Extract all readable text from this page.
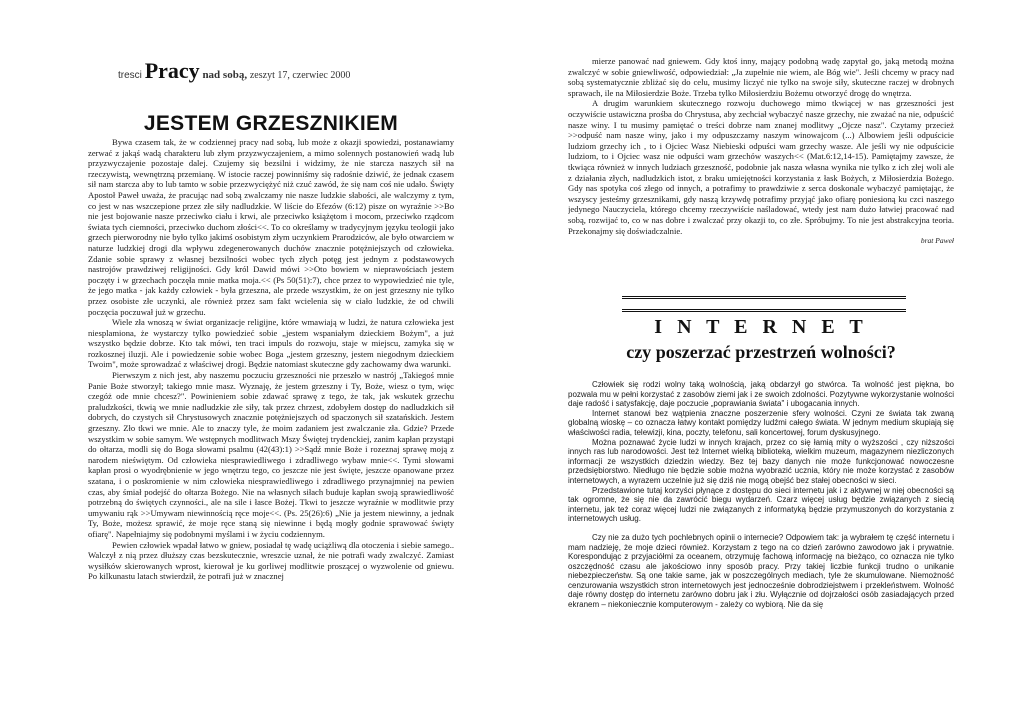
tresci Pracy nad sobą, zeszyt 17, czerwiec 2000
JESTEM GRZESZNIKIEM

Bywa czasem tak, że w codziennej pracy nad sobą, lub może z okazji spowiedzi, postanawiamy zerwać z jakąś wadą charakteru lub złym przyzwyczajeniem, a mimo solennych postanowień wadą lub przyzwyczajenie pozostaje dalej. Czujemy się bezsilni i widzimy, że nie starcza naszych sił na rzeczywistą, wewnętrzną przemianę. W istocie raczej powinniśmy się radośnie dziwić, że jednak czasem sił nam starcza aby to lub tamto w sobie przezwyciężyć niż czuć zawód, że się nam coś nie udało. Święty Apostoł Paweł uważa, że pracując nad sobą zwalczamy nie nasze ludzkie słabości, ale walczymy z tym, co jest w nas wszczepione przez złe siły nadludzkie. W liście do Efezów (6:12) pisze on wyraźnie >>Bo nie jest bojowanie nasze przeciwko ciału i krwi, ale przeciwko książętom i mocom, przeciwko rządcom świata tych ciemności, przeciwko duchom złości<<. To co określamy w tradycyjnym języku teologii jako grzech pierworodny nie było tylko jakimś osobistym złym uczynkiem Prarodziców, ale było otwarciem w naturze ludzkiej drogi dla wpływu zdegenerowanych duchów znacznie potężniejszych od człowieka. Zdanie sobie sprawy z własnej bezsilności wobec tych złych potęg jest jednym z podstawowych nastrojów prawdziwej religijności. Gdy król Dawid mówi >>Oto bowiem w nieprawościach jestem poczęty i w grzechach poczęła mnie matka moja.<< (Ps 50(51):7), chce przez to wypowiedzieć nie tyle, że jego matka - jak każdy człowiek - była grzeszna, ale przede wszystkim, że on jest grzeszny nie tylko przez osobiste złe uczynki, ale również przez sam fakt wcielenia się w ciało ludzkie, że od chwili poczęcia poczuwał już w grzechu.

Wiele zła wnoszą w świat organizacje religijne, które wmawiają w ludzi, że natura człowieka jest niesplamiona, że wystarczy tylko powiedzieć sobie „jestem wspaniałym dzieckiem Bożym", a już wszystko będzie dobrze. Kto tak mówi, ten traci impuls do rozwoju, staje w miejscu, zamyka się w rozkosznej iluzji. Ale i powiedzenie sobie wobec Boga „jestem grzeszny, jestem niegodnym dzieckiem Twoim", może sprowadzać z właściwej drogi. Będzie natomiast skuteczne gdy zachowamy dwa warunki.

Pierwszym z nich jest, aby naszemu poczuciu grzeszności nie przeszło w nastrój „Takiegoś mnie Panie Boże stworzył; takiego mnie masz. Wyznaję, że jestem grzeszny i Ty, Boże, wiesz o tym, więc czegóż ode mnie chcesz?". Powinieniem sobie zdawać sprawę z tego, że tak, jak wskutek grzechu praludzkości, tkwią we mnie nadludzkie złe siły, tak przez chrzest, zdobyłem dostęp do nadludzkich sił dobrych, do czystych sił Chrystusowych znacznie potężniejszych od spaczonych sił szatańskich. Jestem grzeszny. Zło tkwi we mnie. Ale to znaczy tyle, że moim zadaniem jest zwalczanie zła. Gdzie? Przede wszystkim w sobie samym. We wstępnych modlitwach Mszy Świętej trydenckiej, zanim kapłan przystąpi do ołtarza, modli się do Boga słowami psalmu (42(43):1) >>Sądź mnie Boże i rozeznaj sprawę moją z narodem nieświętym. Od człowieka niesprawiedliwego i zdradliwego wybaw mnie<<. Tymi słowami kapłan prosi o wyodrębnienie w jego wnętrzu tego, co jeszcze nie jest święte, jeszcze opanowane przez szatana, i o poskromienie w nim człowieka niesprawiedliwego i zdradliwego przynajmniej na pewien czas, aby śmiał podejść do ołtarza Bożego. Nie na własnych siłach buduje kapłan swoją sprawiedliwość potrzebną do świętych czynności., ale na sile i łasce Bożej. Tkwi to jeszcze wyraźnie w modlitwie przy umywaniu rąk >>Umywam niewinnością ręce moje<<. (Ps. 25(26):6) „Nie ja jestem niewinny, a jednak Ty, Boże, możesz sprawić, że moje ręce staną się niewinne i będą mogły godnie sprawować święty ofiarę". Napełniajmy się podobnymi myślami i w życiu codziennym.

Pewien człowiek wpadał łatwo w gniew, posiadał tę wadę uciążliwą dla otoczenia i siebie samego.. Walczył z nią przez dłuższy czas bezskutecznie, wreszcie uznał, że nie potrafi wady zwalczyć. Zamiast wysiłków skierowanych wprost, kierował je ku gorliwej modlitwie proszącej o wyzwolenie od gniewu. Po kilkunastu latach stwierdził, że potrafi już w znacznej

mierze panować nad gniewem. Gdy ktoś inny, mający podobną wadę zapytał go, jaką metodą można zwalczyć w sobie gniewliwość, odpowiedział: „Ja zupełnie nie wiem, ale Bóg wie". Jeśli chcemy w pracy nad sobą systematycznie zbliżać się do celu, musimy liczyć nie tylko na swoje siły, skuteczne raczej w drobnych sprawach, ile na Miłosierdzie Boże. Trzeba tylko Miłosierdziu Bożemu otworzyć drogę do wnętrza.

A drugim warunkiem skutecznego rozwoju duchowego mimo tkwiącej w nas grzeszności jest oczywiście ustawiczna prośba do Chrystusa, aby zechciał wybaczyć nasze grzechy, nie zważać na nie, odpuścić nasze winy. I tu musimy pamiętać o treści dobrze nam znanej modlitwy „Ojcze nasz". Czytamy przecież >>odpuść nam nasze winy, jako i my odpuszczamy naszym winowajcom (...) Albowiem jeśli odpuścicie ludziom grzechy ich , to i Ojciec Wasz Niebieski odpuści wam grzechy wasze. Ale jeśli wy nie odpuścicie ludziom, to i Ojciec wasz nie odpuści wam grzechów waszych<< (Mat.6:12,14-15). Pamiętajmy zawsze, że tkwiąca również w innych ludziach grzeszność, podobnie jak nasza własna wynika nie tylko z ich złej woli ale z działania złych, nadludzkich istot, z braku umiejętności korzystania z łask Bożych, z Miłosierdzia Bożego. Gdy nas spotyka coś złego od innych, a potrafimy to prawdziwie z serca doskonale wybaczyć pamiętając, że wszyscy jesteśmy grzesznikami, gdy naszą krzywdę potrafimy przyjąć jako ofiarę poniesioną ku czci naszego jedynego Nauczyciela, którego chcemy rzeczywiście naśladować, wtedy jest nam dużo łatwiej pracować nad sobą, rozwijać to, co w nas dobre i zwalczać przy okazji to, co złe. Spróbujmy. To nie jest abstrakcyjna teoria. Przekonajmy się doświadczalnie.

brat Paweł

I N T E R N E T
czy poszerzać przestrzeń wolności?

Człowiek się rodzi wolny taką wolnością, jaką obdarzył go stwórca. Ta wolność jest piękna, bo pozwala mu w pełni korzystać z zasobów ziemi jak i ze swoich zdolności. Pozytywne wykorzystanie wolności daje radość i satysfakcję, daje poczucie „poprawiania świata" i ubogacania innych.

Internet stanowi bez wątpienia znaczne poszerzenie sfery wolności. Czyni ze świata tak zwaną globalną wioskę – co oznacza łatwy kontakt pomiędzy ludźmi całego świata. W jednym medium skupiają się właściwości radia, telewizji, kina, poczty, telefonu, sali koncertowej, forum dyskusyjnego.

Można poznawać życie ludzi w innych krajach, przez co się łamią mity o wyższości , czy niższości innych ras lub narodowości. Jest też Internet wielką biblioteką, wielkim muzeum, magazynem niezliczonych informacji ze wszystkich dziedzin wiedzy. Bez tej bazy danych nie może funkcjonować nowoczesne przedsiębiorstwo. Niedługo nie będzie sobie można wyobrazić ucznia, który nie może korzystać z zasobów internetowych, a wyrazem uczelnie już się dziś nie mogą obejść bez stałej obecności w sieci.

Przedstawione tutaj korzyści płynące z dostępu do sieci internetu jak i z aktywnej w niej obecności są tak ogromne, że się nie da zawrócić biegu wydarzeń. Czarz więcej usług będzie związanych z siecią internetu, jak też coraz więcej ludzi nie związanych z informatyką będzie przymuszonych do korzystania z internetowych usług.

Czy nie za dużo tych pochlebnych opinii o internecie? Odpowiem tak: ja wybrałem tę część internetu i mam nadzieję, że moje dzieci również. Korzystam z tego na co dzień zarówno zawodowo jak i prywatnie. Korespondując z przyjaciółmi za oceanem, otrzymuję fachową informację na bieżąco, co oznacza nie tylko oszczędność czasu ale jakościowo inny sposób pracy. Przy takiej liczbie funkcji trudno o unikanie niebezpieczeństw. Są one takie same, jak w poszczególnych mediach, tyle że skumulowane. Niemożność cenzurowania wszystkich stron internetowych jest jednocześnie dobrodziejstwem i przekleństwem. Wolność daje równy dostęp do internetu zarówno dobru jak i złu. Wyłącznie od dojrzałości osób zasiadających przed ekranem – niekoniecznie komputerowym - zależy co wybiorą. Nie da się
